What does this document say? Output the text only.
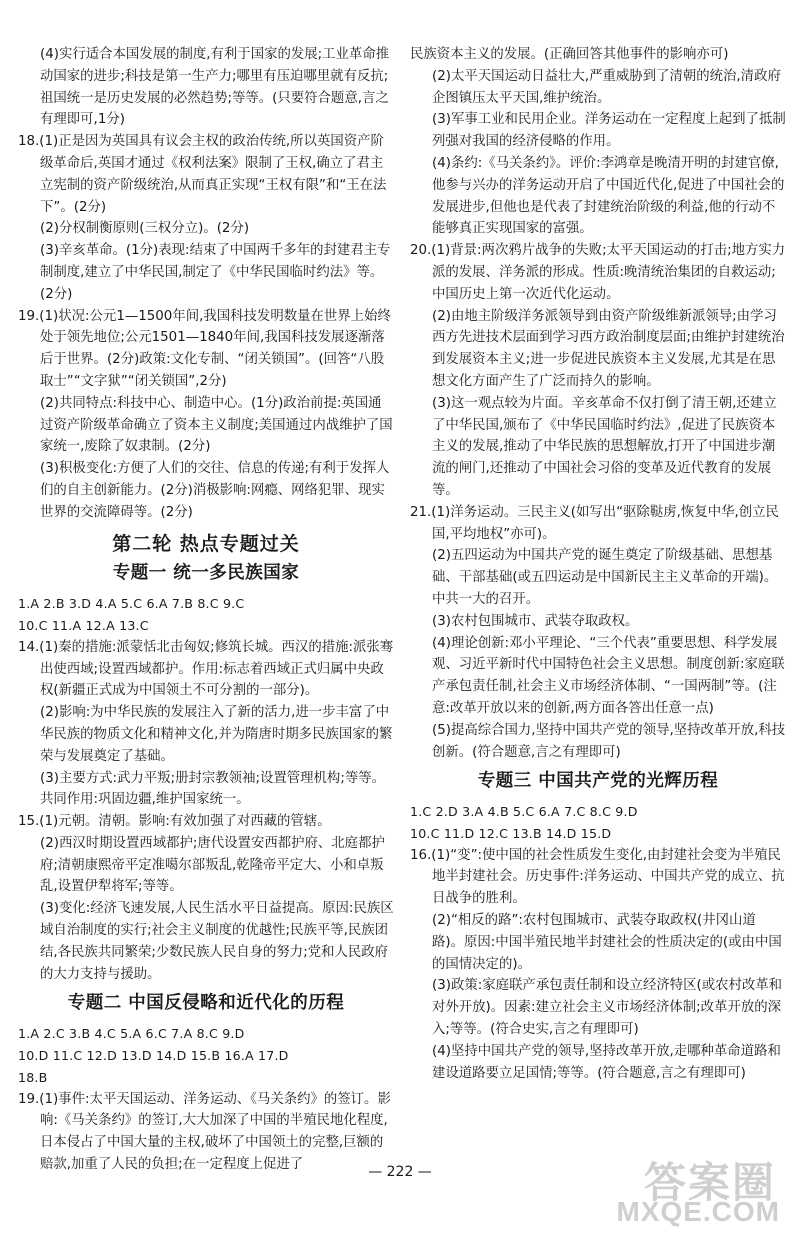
(4)实行适合本国发展的制度,有利于国家的发展;工业革命推动国家的进步;科技是第一生产力;哪里有压迫哪里就有反抗;祖国统一是历史发展的必然趋势;等等。(只要符合题意,言之有理即可,1分)

18.(1)正是因为英国具有议会主权的政治传统,所以英国资产阶级革命后,英国才通过《权利法案》限制了王权,确立了君主立宪制的资产阶级统治,从而真正实现“王权有限”和“王在法下”。(2分)

(2)分权制衡原则(三权分立)。(2分)

(3)辛亥革命。(1分)表现:结束了中国两千多年的封建君主专制制度,建立了中华民国,制定了《中华民国临时约法》等。(2分)

19.(1)状况:公元1—1500年间,我国科技发明数量在世界上始终处于领先地位;公元1501—1840年间,我国科技发展逐渐落后于世界。(2分)政策:文化专制、“闭关锁国”。(回答“八股取士”“文字狱”“闭关锁国”,2分)

(2)共同特点:科技中心、制造中心。(1分)政治前提:英国通过资产阶级革命确立了资本主义制度;美国通过内战维护了国家统一,废除了奴隶制。(2分)

(3)积极变化:方便了人们的交往、信息的传递;有利于发挥人们的自主创新能力。(2分)消极影响:网瘾、网络犯罪、现实世界的交流障碍等。(2分)

第二轮 热点专题过关
专题一 统一多民族国家

1.A 2.B 3.D 4.A 5.C 6.A 7.B 8.C 9.C

10.C 11.A 12.A 13.C

14.(1)秦的措施:派蒙恬北击匈奴;修筑长城。西汉的措施:派张骞出使西域;设置西域都护。作用:标志着西域正式归属中央政权(新疆正式成为中国领土不可分割的一部分)。

(2)影响:为中华民族的发展注入了新的活力,进一步丰富了中华民族的物质文化和精神文化,并为隋唐时期多民族国家的繁荣与发展奠定了基础。

(3)主要方式:武力平叛;册封宗教领袖;设置管理机构;等等。共同作用:巩固边疆,维护国家统一。

15.(1)元朝。清朝。影响:有效加强了对西藏的管辖。

(2)西汉时期设置西域都护;唐代设置安西都护府、北庭都护府;清朝康熙帝平定准噶尔部叛乱,乾隆帝平定大、小和卓叛乱,设置伊犁将军;等等。

(3)变化:经济飞速发展,人民生活水平日益提高。原因:民族区域自治制度的实行;社会主义制度的优越性;民族平等,民族团结,各民族共同繁荣;少数民族人民自身的努力;党和人民政府的大力支持与援助。

专题二 中国反侵略和近代化的历程

1.A 2.C 3.B 4.C 5.A 6.C 7.A 8.C 9.D

10.D 11.C 12.D 13.D 14.D 15.B 16.A 17.D

18.B

19.(1)事件:太平天国运动、洋务运动、《马关条约》的签订。影响:《马关条约》的签订,大大加深了中国的半殖民地化程度,日本侵占了中国大量的主权,破坏了中国领土的完整,巨额的赔款,加重了人民的负担;在一定程度上促进了

民族资本主义的发展。(正确回答其他事件的影响亦可)

(2)太平天国运动日益壮大,严重威胁到了清朝的统治,清政府企图镇压太平天国,维护统治。

(3)军事工业和民用企业。洋务运动在一定程度上起到了抵制列强对我国的经济侵略的作用。

(4)条约:《马关条约》。评价:李鸿章是晚清开明的封建官僚,他参与兴办的洋务运动开启了中国近代化,促进了中国社会的发展进步,但他也是代表了封建统治阶级的利益,他的行动不能够真正实现国家的富强。

20.(1)背景:两次鸦片战争的失败;太平天国运动的打击;地方实力派的发展、洋务派的形成。性质:晚清统治集团的自救运动;中国历史上第一次近代化运动。

(2)由地主阶级洋务派领导到由资产阶级维新派领导;由学习西方先进技术层面到学习西方政治制度层面;由维护封建统治到发展资本主义;进一步促进民族资本主义发展,尤其是在思想文化方面产生了广泛而持久的影响。

(3)这一观点较为片面。辛亥革命不仅打倒了清王朝,还建立了中华民国,颁布了《中华民国临时约法》,促进了民族资本主义的发展,推动了中华民族的思想解放,打开了中国进步潮流的闸门,还推动了中国社会习俗的变革及近代教育的发展等。

21.(1)洋务运动。三民主义(如写出“驱除鞑虏,恢复中华,创立民国,平均地权”亦可)。

(2)五四运动为中国共产党的诞生奠定了阶级基础、思想基础、干部基础(或五四运动是中国新民主主义革命的开端)。中共一大的召开。

(3)农村包围城市、武装夺取政权。

(4)理论创新:邓小平理论、“三个代表”重要思想、科学发展观、习近平新时代中国特色社会主义思想。制度创新:家庭联产承包责任制,社会主义市场经济体制、“一国两制”等。(注意:改革开放以来的创新,两方面各答出任意一点)

(5)提高综合国力,坚持中国共产党的领导,坚持改革开放,科技创新。(符合题意,言之有理即可)

专题三 中国共产党的光辉历程

1.C 2.D 3.A 4.B 5.C 6.A 7.C 8.C 9.D

10.C 11.D 12.C 13.B 14.D 15.D

16.(1)“变”:使中国的社会性质发生变化,由封建社会变为半殖民地半封建社会。历史事件:洋务运动、中国共产党的成立、抗日战争的胜利。

(2)“相反的路”:农村包围城市、武装夺取政权(井冈山道路)。原因:中国半殖民地半封建社会的性质决定的(或由中国的国情决定的)。

(3)政策:家庭联产承包责任制和设立经济特区(或农村改革和对外开放)。因素:建立社会主义市场经济体制;改革开放的深入;等等。(符合史实,言之有理即可)

(4)坚持中国共产党的领导,坚持改革开放,走哪种革命道路和建设道路要立足国情;等等。(符合题意,言之有理即可)

— 222 —	答案圈
MXQE.COM
